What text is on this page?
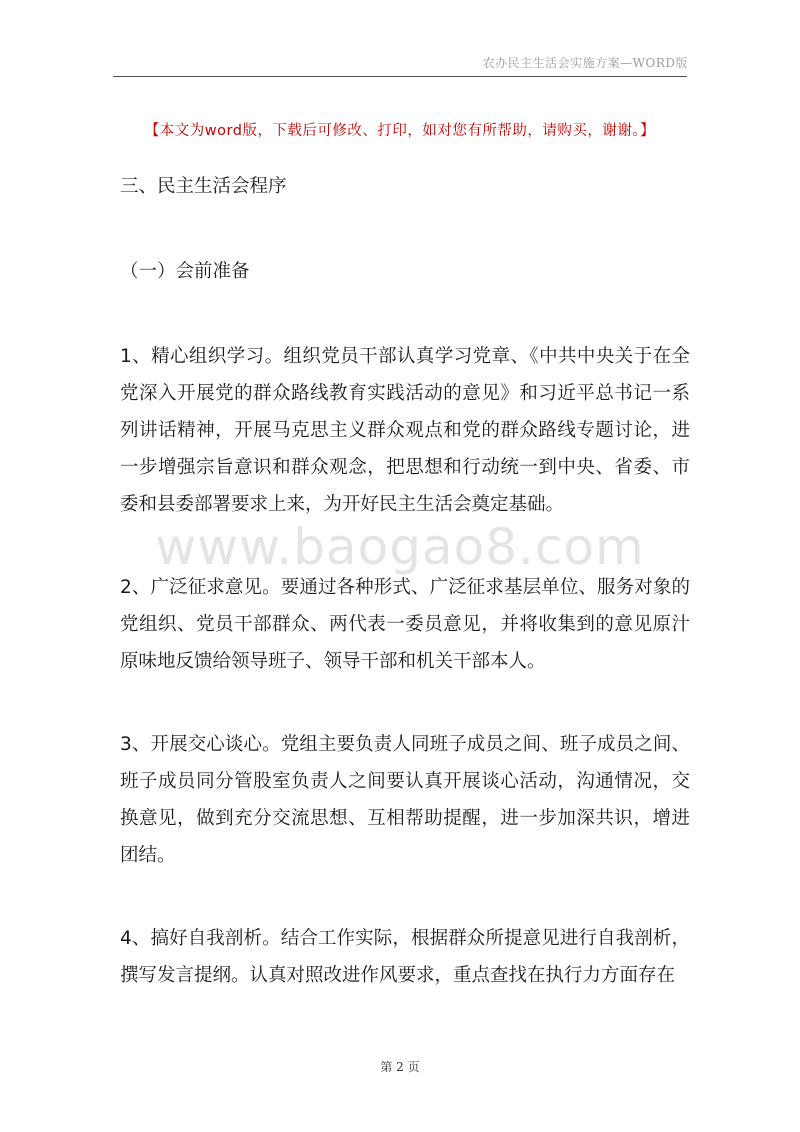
农办民主生活会实施方案—WORD版
【本文为word版，下载后可修改、打印，如对您有所帮助，请购买，谢谢。】
www.baogao8.com

三、民主生活会程序

（一）会前准备

1、精心组织学习。组织党员干部认真学习党章、《中共中央关于在全党深入开展党的群众路线教育实践活动的意见》和习近平总书记一系列讲话精神，开展马克思主义群众观点和党的群众路线专题讨论，进一步增强宗旨意识和群众观念，把思想和行动统一到中央、省委、市委和县委部署要求上来，为开好民主生活会奠定基础。

2、广泛征求意见。要通过各种形式、广泛征求基层单位、服务对象的党组织、党员干部群众、两代表一委员意见，并将收集到的意见原汁原味地反馈给领导班子、领导干部和机关干部本人。

3、开展交心谈心。党组主要负责人同班子成员之间、班子成员之间、班子成员同分管股室负责人之间要认真开展谈心活动，沟通情况，交换意见，做到充分交流思想、互相帮助提醒，进一步加深共识，增进团结。

4、搞好自我剖析。结合工作实际，根据群众所提意见进行自我剖析，撰写发言提纲。认真对照改进作风要求，重点查找在执行力方面存在

第 2 页
